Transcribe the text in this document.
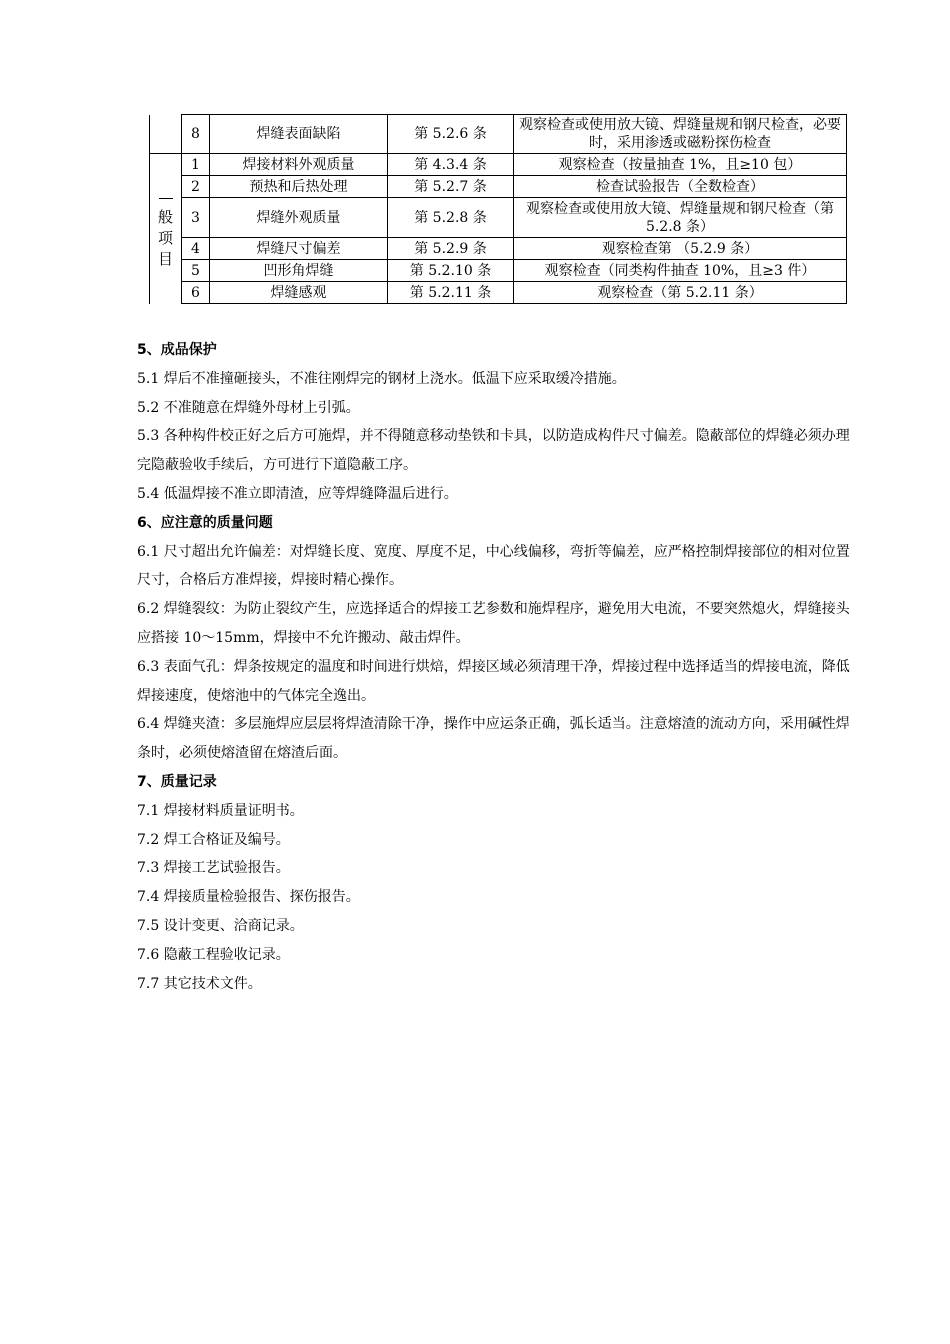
	8	焊缝表面缺陷	第 5.2.6 条	观察检查或使用放大镜、焊缝量规和钢尺检查，必要时，采用渗透或磁粉探伤检查

般
项
目	1	焊接材料外观质量	第 4.3.4 条	观察检查（按量抽查 1%，且≥10 包）
	2	预热和后热处理	第 5.2.7 条	检查试验报告（全数检查）
	3	焊缝外观质量	第 5.2.8 条	观察检查或使用放大镜、焊缝量规和钢尺检查（第 5.2.8 条）
	4	焊缝尺寸偏差	第 5.2.9 条	观察检查第 （5.2.9 条）
	5	凹形角焊缝	第 5.2.10 条	观察检查（同类构件抽查 10%，且≥3 件）
	6	焊缝感观	第 5.2.11 条	观察检查（第 5.2.11 条）
5、成品保护
5.1 焊后不准撞砸接头，不准往刚焊完的钢材上浇水。低温下应采取缓冷措施。
5.2 不准随意在焊缝外母材上引弧。
5.3 各种构件校正好之后方可施焊，并不得随意移动垫铁和卡具，以防造成构件尺寸偏差。隐蔽部位的焊缝必须办理完隐蔽验收手续后，方可进行下道隐蔽工序。
5.4 低温焊接不准立即清渣，应等焊缝降温后进行。
6、应注意的质量问题
6.1 尺寸超出允许偏差：对焊缝长度、宽度、厚度不足，中心线偏移，弯折等偏差，应严格控制焊接部位的相对位置尺寸，合格后方准焊接，焊接时精心操作。
6.2 焊缝裂纹：为防止裂纹产生，应选择适合的焊接工艺参数和施焊程序，避免用大电流，不要突然熄火，焊缝接头应搭接 10～15mm，焊接中不允许搬动、敲击焊件。
6.3 表面气孔：焊条按规定的温度和时间进行烘焙，焊接区域必须清理干净，焊接过程中选择适当的焊接电流，降低焊接速度，使熔池中的气体完全逸出。
6.4 焊缝夹渣：多层施焊应层层将焊渣清除干净，操作中应运条正确，弧长适当。注意熔渣的流动方向，采用碱性焊条时，必须使熔渣留在熔渣后面。
7、质量记录
7.1 焊接材料质量证明书。
7.2 焊工合格证及编号。
7.3 焊接工艺试验报告。
7.4 焊接质量检验报告、探伤报告。
7.5 设计变更、洽商记录。
7.6 隐蔽工程验收记录。
7.7 其它技术文件。
